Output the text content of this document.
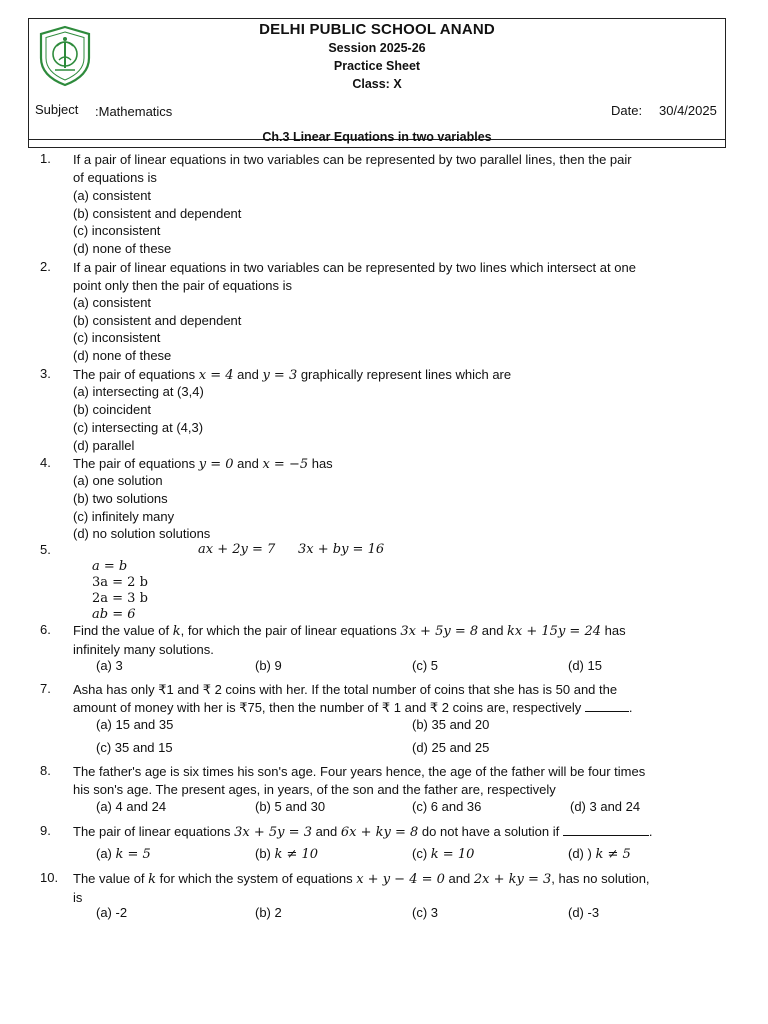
DELHI PUBLIC SCHOOL ANAND
Session 2025-26
Practice Sheet
Class: X
Subject :Mathematics	Date: 30/4/2025
Ch.3 Linear Equations in two variables
1.	If a pair of linear equations in two variables can be represented by two parallel lines, then the pair
of equations is
(a) consistent
(b) consistent and dependent
(c) inconsistent
(d) none of these
2.	If a pair of linear equations in two variables can be represented by two lines which intersect at one
point only then the pair of equations is
(a) consistent
(b) consistent and dependent
(c) inconsistent
(d) none of these
3.	The pair of equations x = 4 and y = 3 graphically represent lines which are
(a) intersecting at (3,4)
(b) coincident
(c) intersecting at (4,3)
(d) parallel
4.	The pair of equations y = 0 and x = −5 has
(a) one solution
(b) two solutions
(c) infinitely many
(d) no solution solutions
5.	ax + 2y = 7 3x + by = 16
a = b
3a = 2 b
2a = 3 b
ab = 6
6.	Find the value of k, for which the pair of linear equations 3x + 5y = 8 and kx + 15y = 24 has
infinitely many solutions.
(a) 3	(b) 9	(c) 5	(d) 15
7.	Asha has only ₹1 and ₹ 2 coins with her. If the total number of coins that she has is 50 and the
amount of money with her is ₹75, then the number of ₹ 1 and ₹ 2 coins are, respectively	.
(a) 15 and 35	(b) 35 and 20
(c) 35 and 15	(d) 25 and 25
8.	The father's age is six times his son's age. Four years hence, the age of the father will be four times
his son's age. The present ages, in years, of the son and the father are, respectively
(a) 4 and 24	(b) 5 and 30	(c) 6 and 36	(d) 3 and 24
9.	The pair of linear equations 3x + 5y = 3 and 6x + ky = 8 do not have a solution if	.
(a) k = 5	(b) k ≠ 10	(c) k = 10	(d) ) k ≠ 5
10. The value of k for which the system of equations x + y − 4 = 0 and 2x + ky = 3, has no solution,
is
(a) -2	(b) 2	(c) 3	(d) -3
